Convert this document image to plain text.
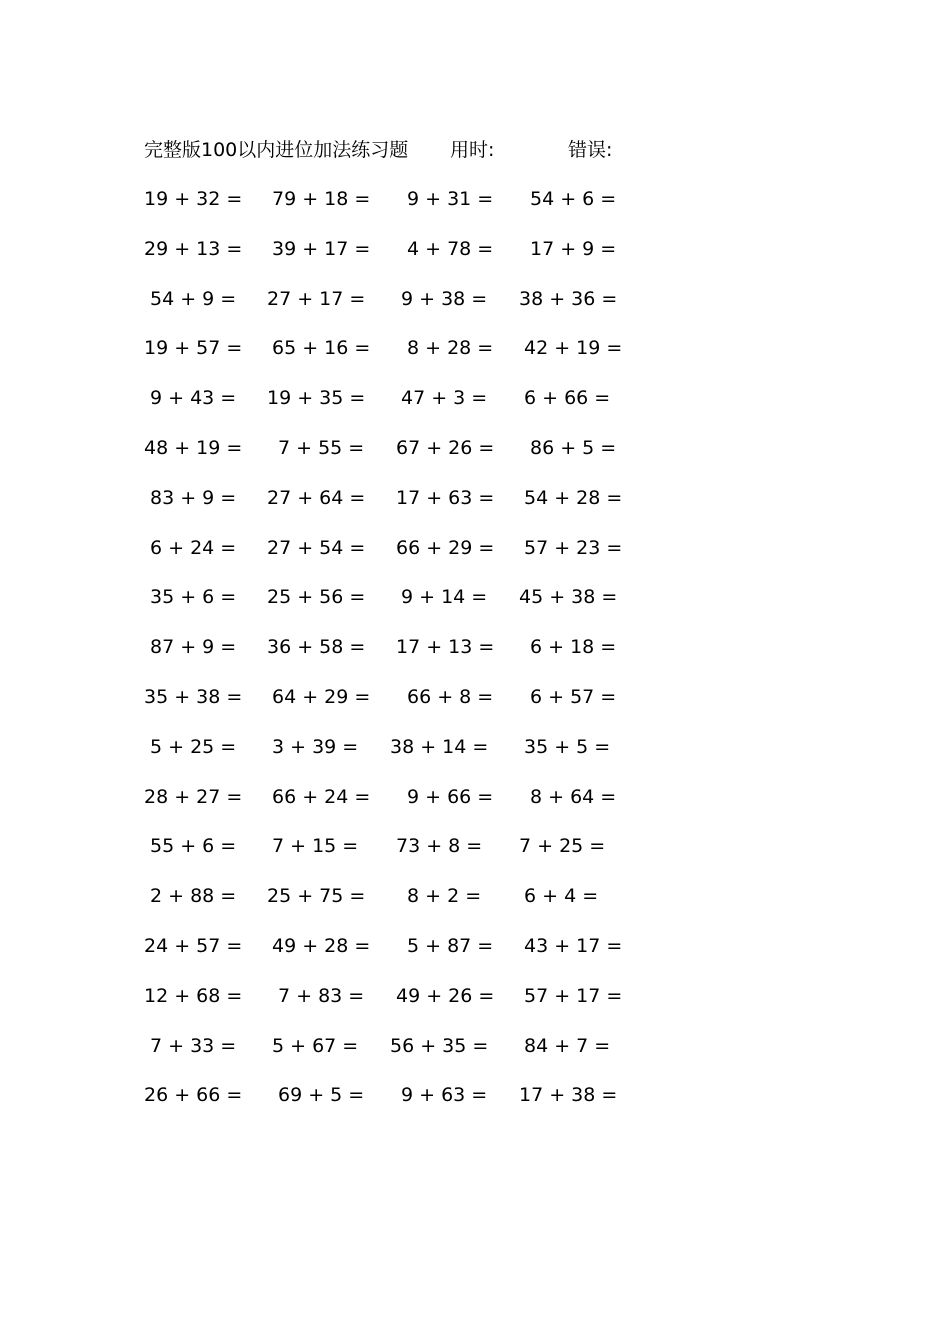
完整版100以内进位加法练习题 用时:	错误:
19 + 32 = 79 + 18 = 9 + 31 = 54 + 6 =
29 + 13 = 39 + 17 = 4 + 78 = 17 + 9 =
54 + 9 = 27 + 17 = 9 + 38 = 38 + 36 =
19 + 57 = 65 + 16 = 8 + 28 = 42 + 19 =
9 + 43 = 19 + 35 = 47 + 3 = 6 + 66 =
48 + 19 = 7 + 55 = 67 + 26 = 86 + 5 =
83 + 9 = 27 + 64 = 17 + 63 = 54 + 28 =
6 + 24 = 27 + 54 = 66 + 29 = 57 + 23 =
35 + 6 = 25 + 56 = 9 + 14 = 45 + 38 =
87 + 9 = 36 + 58 = 17 + 13 = 6 + 18 =
35 + 38 = 64 + 29 = 66 + 8 = 6 + 57 =
5 + 25 = 3 + 39 = 38 + 14 = 35 + 5 =
28 + 27 = 66 + 24 = 9 + 66 = 8 + 64 =
55 + 6 = 7 + 15 = 73 + 8 = 7 + 25 =
2 + 88 = 25 + 75 = 8 + 2 = 6 + 4 =
24 + 57 = 49 + 28 = 5 + 87 = 43 + 17 =
12 + 68 = 7 + 83 = 49 + 26 = 57 + 17 =
7 + 33 = 5 + 67 = 56 + 35 = 84 + 7 =
26 + 66 = 69 + 5 = 9 + 63 = 17 + 38 =
